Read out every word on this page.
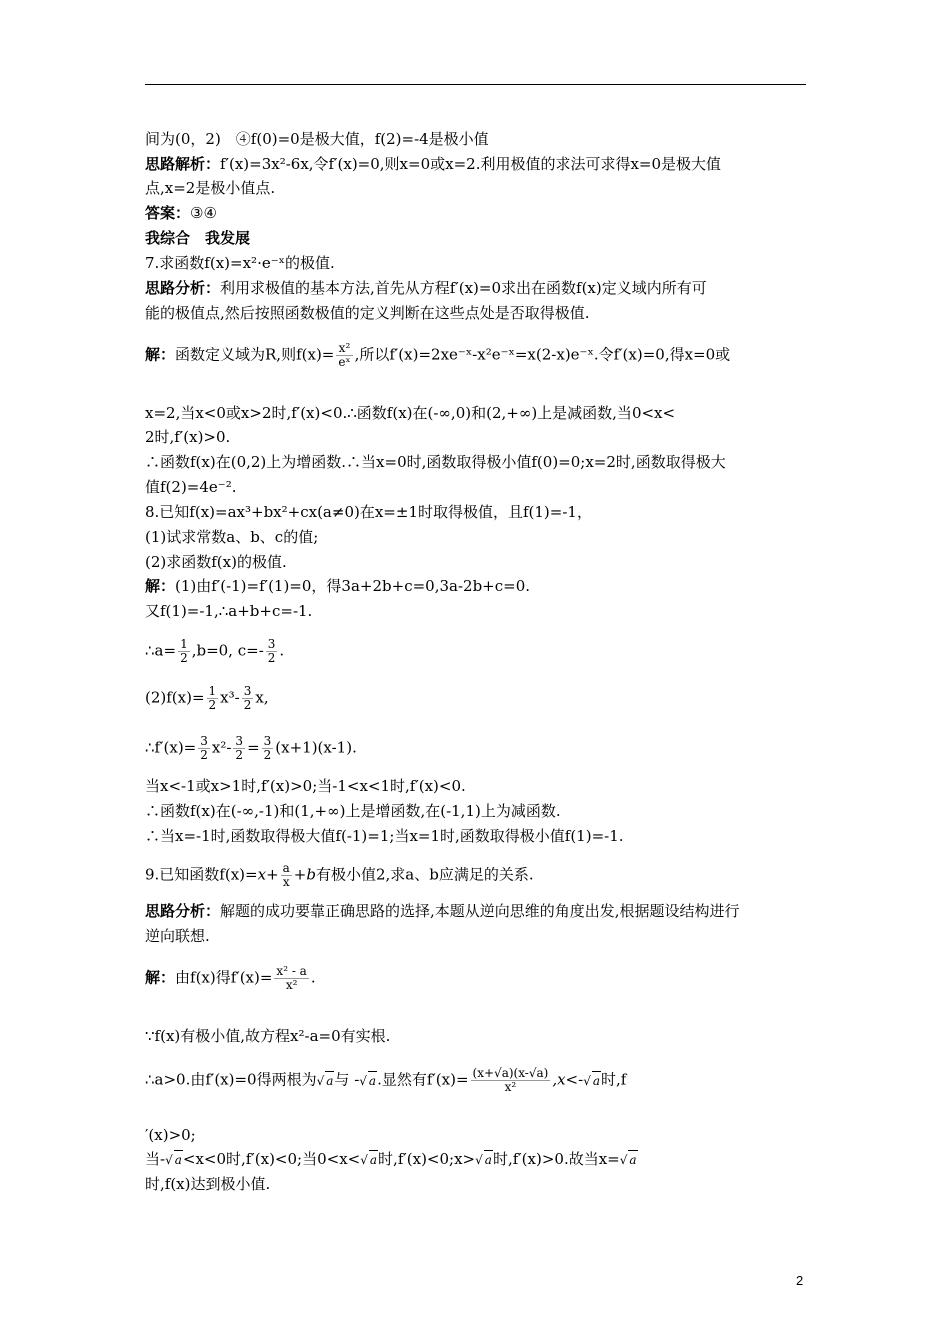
间为(0，2)　④f(0)=0是极大值，f(2)=-4是极小值
思路解析：f′(x)=3x²-6x,令f′(x)=0,则x=0或x=2.利用极值的求法可求得x=0是极大值
点,x=2是极小值点.
答案：③④
我综合　我发展
7.求函数f(x)=x²·e⁻ˣ的极值.
思路分析：利用求极值的基本方法,首先从方程f′(x)=0求出在函数f(x)定义域内所有可
能的极值点,然后按照函数极值的定义判断在这些点处是否取得极值.
解：函数定义域为R,则$f(x)= \frac{\text{x²}}{\text{eˣ}}$ ,所以f′(x)=2xe⁻ˣ-x²e⁻ˣ=x(2-x)e⁻ˣ.令f′(x)=0,得x=0或
x=2,当x<0或x>2时,f′(x)<0.∴函数f(x)在(-∞,0)和(2,+∞)上是减函数,当0<x<
2时,f′(x)>0.
∴函数f(x)在(0,2)上为增函数.∴当x=0时,函数取得极小值f(0)=0;x=2时,函数取得极大
值f(2)=4e⁻².
8.已知f(x)=ax³+bx²+cx(a≠0)在x=±1时取得极值，且f(1)=-1，
(1)试求常数a、b、c的值;
(2)求函数f(x)的极值.
解：(1)由f′(-1)=f′(1)=0，得3a+2b+c=0,3a-2b+c=0.
又f(1)=-1,∴a+b+c=-1.
∴a= $\frac{1}{2} ,b=0$, $c=- \frac{3}{2}$ .
$(2)f(x)= \frac{1}{2} x^3- \frac{3}{2} x$,
∴f′(x)= $\frac{3}{2} x^2- \frac{3}{2} = \frac{3}{2} (x+1)(x-1)$.
当x<-1或x>1时,f′(x)>0;当-1<x<1时,f′(x)<0.
∴函数f(x)在(-∞,-1)和(1,+∞)上是增函数,在(-1,1)上为减函数.
∴当x=-1时,函数取得极大值f(-1)=1;当x=1时,函数取得极小值f(1)=-1.
9.已知函数$f(x)=x+ \frac{a}{x} +b$有极小值2,求a、b应满足的关系.
思路分析：解题的成功要靠正确思路的选择,本题从逆向思维的角度出发,根据题设结构进行
逆向联想.
解：由f(x)得$f'(x)= \frac{\text{x² - a}}{\text{x²}}$ .
∵f(x)有极小值,故方程x²-a=0有实根.
∴a>0.由f′(x)=0得两根为√ a与 -√ a.显然有$f'(x)= \frac{(x+√a)(x-√a)}{\text{x²}} ,x<-√$ a时,f
′(x)>0;
当-√ a<x<0时,f′(x)<0;当0<x<√ a时,f′(x)<0;x>√ a时,f′(x)>0.故当x=√ a
时,f(x)达到极小值.
2
